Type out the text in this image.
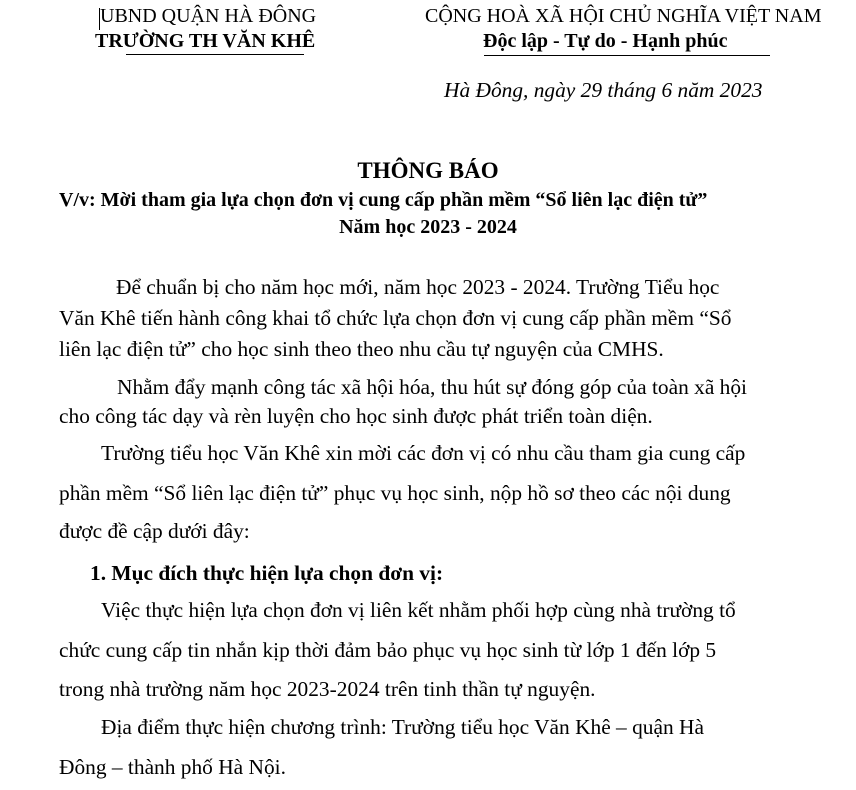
UBND QUẬN HÀ ĐÔNG
TRƯỜNG TH VĂN KHÊ
CỘNG HOÀ XÃ HỘI CHỦ NGHĨA VIỆT NAM
Độc lập - Tự do - Hạnh phúc
Hà Đông, ngày 29 tháng 6 năm 2023
THÔNG BÁO
V/v: Mời tham gia lựa chọn đơn vị cung cấp phần mềm “Sổ liên lạc điện tử”
Năm học 2023 - 2024
Để chuẩn bị cho năm học mới, năm học 2023 - 2024. Trường Tiểu học
Văn Khê tiến hành công khai tổ chức lựa chọn đơn vị cung cấp phần mềm “Sổ
liên lạc điện tử” cho học sinh theo theo nhu cầu tự nguyện của CMHS.
Nhằm đẩy mạnh công tác xã hội hóa, thu hút sự đóng góp của toàn xã hội
cho công tác dạy và rèn luyện cho học sinh được phát triển toàn diện.
Trường tiểu học Văn Khê xin mời các đơn vị có nhu cầu tham gia cung cấp
phần mềm “Sổ liên lạc điện tử” phục vụ học sinh, nộp hồ sơ theo các nội dung
được đề cập dưới đây:
1. Mục đích thực hiện lựa chọn đơn vị:
Việc thực hiện lựa chọn đơn vị liên kết nhằm phối hợp cùng nhà trường tổ
chức cung cấp tin nhắn kịp thời đảm bảo phục vụ học sinh từ lớp 1 đến lớp 5
trong nhà trường năm học 2023-2024 trên tinh thần tự nguyện.
Địa điểm thực hiện chương trình: Trường tiểu học Văn Khê – quận Hà
Đông – thành phố Hà Nội.
